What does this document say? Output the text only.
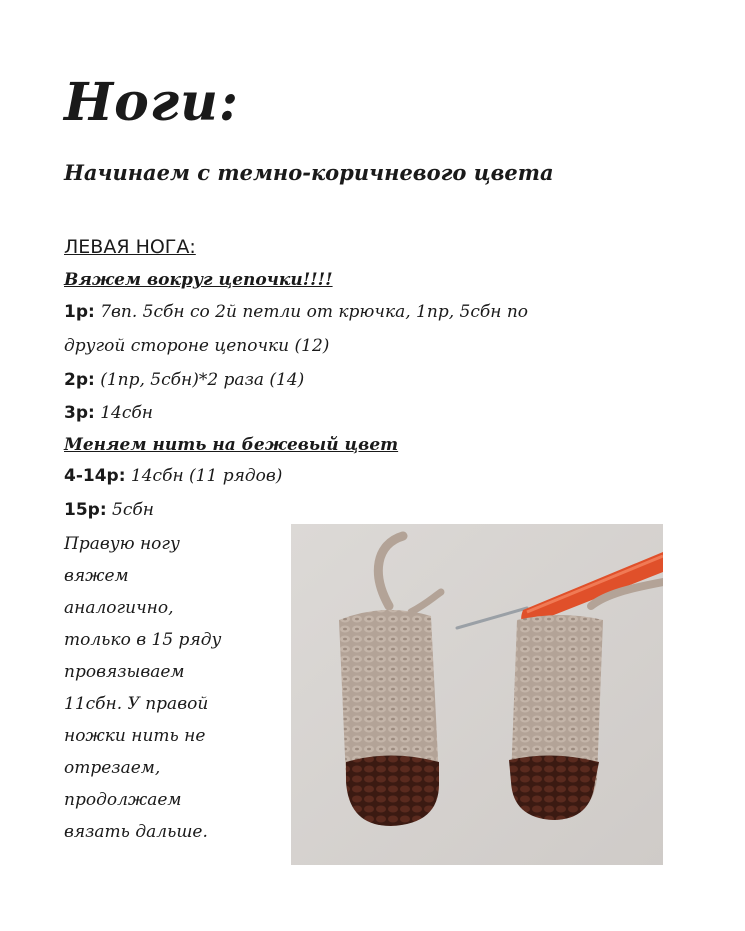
Ноги:
Начинаем с темно-коричневого цвета
ЛЕВАЯ НОГА:
Вяжем вокруг цепочки!!!!
1р: 7вп. 5сбн со 2й петли от крючка, 1пр, 5сбн по
другой стороне цепочки (12)
2р: (1пр, 5сбн)*2 раза (14)
3р: 14сбн
Меняем нить на бежевый цвет
4-14р: 14сбн (11 рядов)
15р: 5сбн
Правую ногу
вяжем
аналогично,
только в 15 ряду
провязываем
11сбн. У правой
ножки нить не
отрезаем,
продолжаем
вязать дальше.
